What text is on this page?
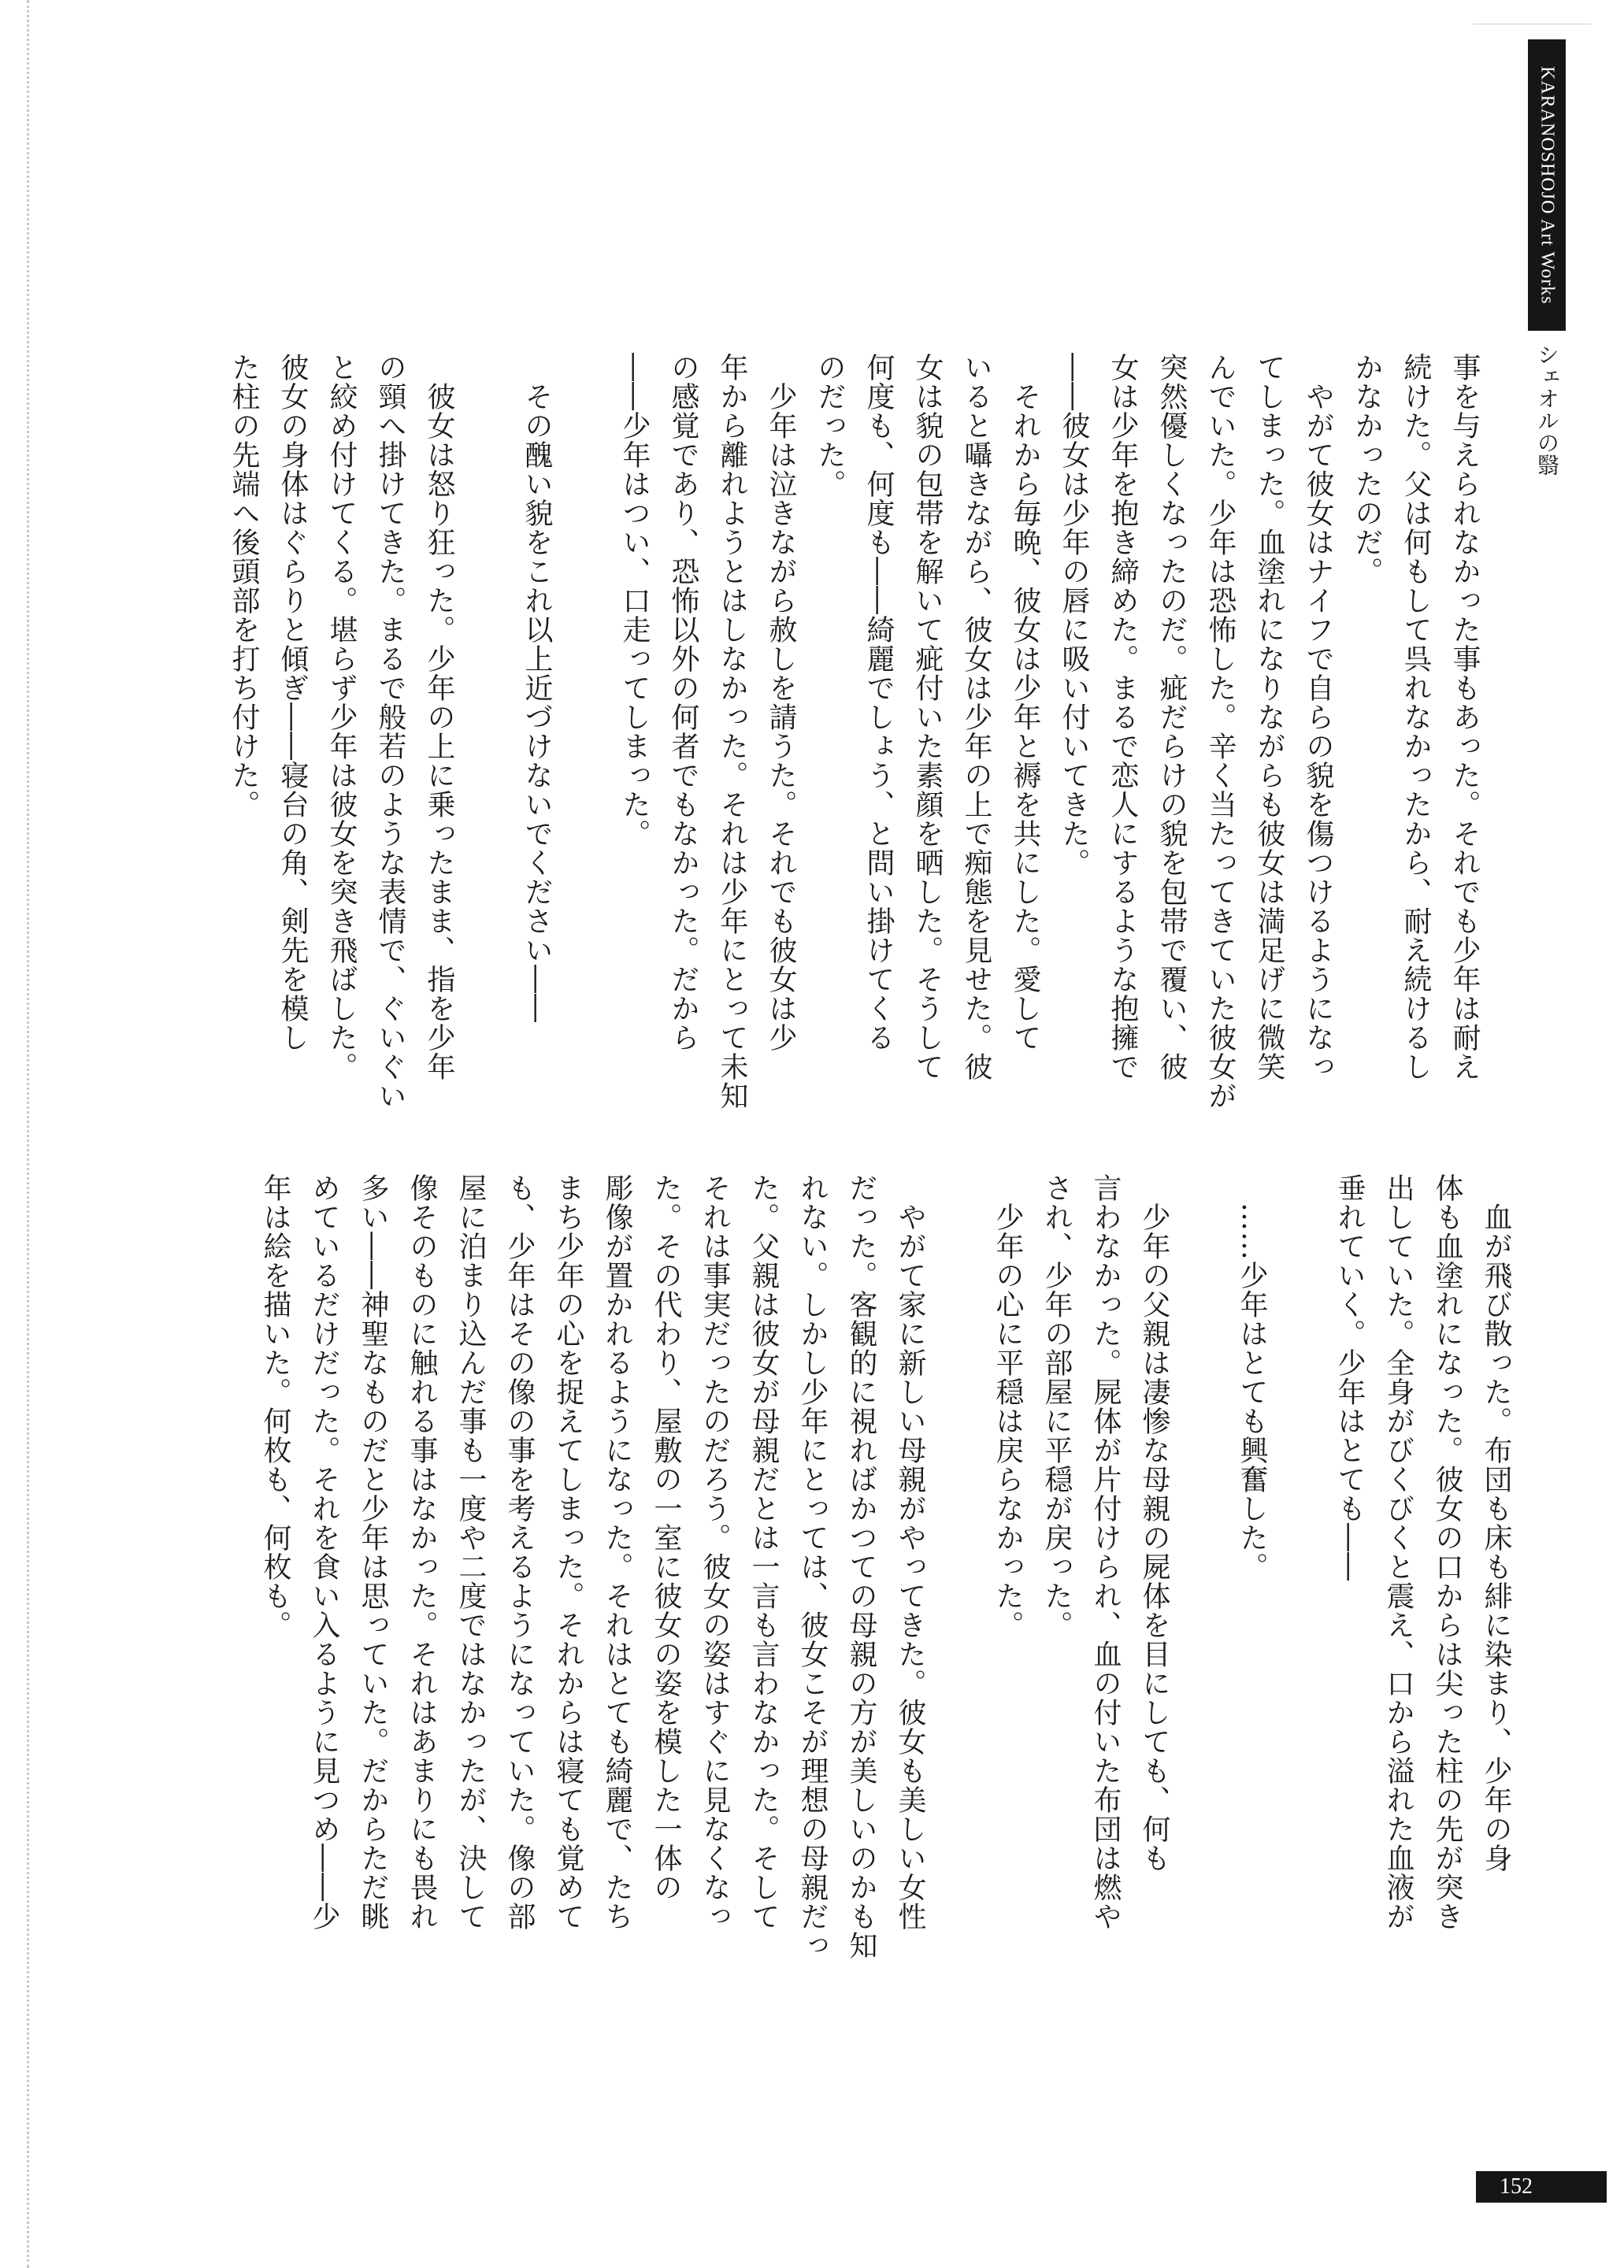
KARANOSHOJO Art Works
シェオルの翳
事を与えられなかった事もあった。それでも少年は耐え
続けた。父は何もして呉れなかったから、耐え続けるし
かなかったのだ。
　やがて彼女はナイフで自らの貌を傷つけるようになっ
てしまった。血塗れになりながらも彼女は満足げに微笑
んでいた。少年は恐怖した。辛く当たってきていた彼女が
突然優しくなったのだ。疵だらけの貌を包帯で覆い、彼
女は少年を抱き締めた。まるで恋人にするような抱擁で
――彼女は少年の唇に吸い付いてきた。
　それから毎晩、彼女は少年と褥を共にした。愛して
いると囁きながら、彼女は少年の上で痴態を見せた。彼
女は貌の包帯を解いて疵付いた素顔を晒した。そうして
何度も、何度も――綺麗でしょう、と問い掛けてくる
のだった。
　少年は泣きながら赦しを請うた。それでも彼女は少
年から離れようとはしなかった。それは少年にとって未知
の感覚であり、恐怖以外の何者でもなかった。だから
――少年はつい、口走ってしまった。

　その醜い貌をこれ以上近づけないでください――

　彼女は怒り狂った。少年の上に乗ったまま、指を少年
の頸へ掛けてきた。まるで般若のような表情で、ぐいぐい
と絞め付けてくる。堪らず少年は彼女を突き飛ばした。
彼女の身体はぐらりと傾ぎ――寝台の角、剣先を模し
た柱の先端へ後頭部を打ち付けた。
　血が飛び散った。布団も床も緋に染まり、少年の身
体も血塗れになった。彼女の口からは尖った柱の先が突き
出していた。全身がびくびくと震え、口から溢れた血液が
垂れていく。少年はとても――

　……少年はとても興奮した。

　少年の父親は凄惨な母親の屍体を目にしても、何も
言わなかった。屍体が片付けられ、血の付いた布団は燃や
され、少年の部屋に平穏が戻った。
　少年の心に平穏は戻らなかった。

　やがて家に新しい母親がやってきた。彼女も美しい女性
だった。客観的に視ればかつての母親の方が美しいのかも知
れない。しかし少年にとっては、彼女こそが理想の母親だっ
た。父親は彼女が母親だとは一言も言わなかった。そして
それは事実だったのだろう。彼女の姿はすぐに見なくなっ
た。その代わり、屋敷の一室に彼女の姿を模した一体の
彫像が置かれるようになった。それはとても綺麗で、たち
まち少年の心を捉えてしまった。それからは寝ても覚めて
も、少年はその像の事を考えるようになっていた。像の部
屋に泊まり込んだ事も一度や二度ではなかったが、決して
像そのものに触れる事はなかった。それはあまりにも畏れ
多い――神聖なものだと少年は思っていた。だからただ眺
めているだけだった。それを食い入るように見つめ――少
年は絵を描いた。何枚も、何枚も。
152
